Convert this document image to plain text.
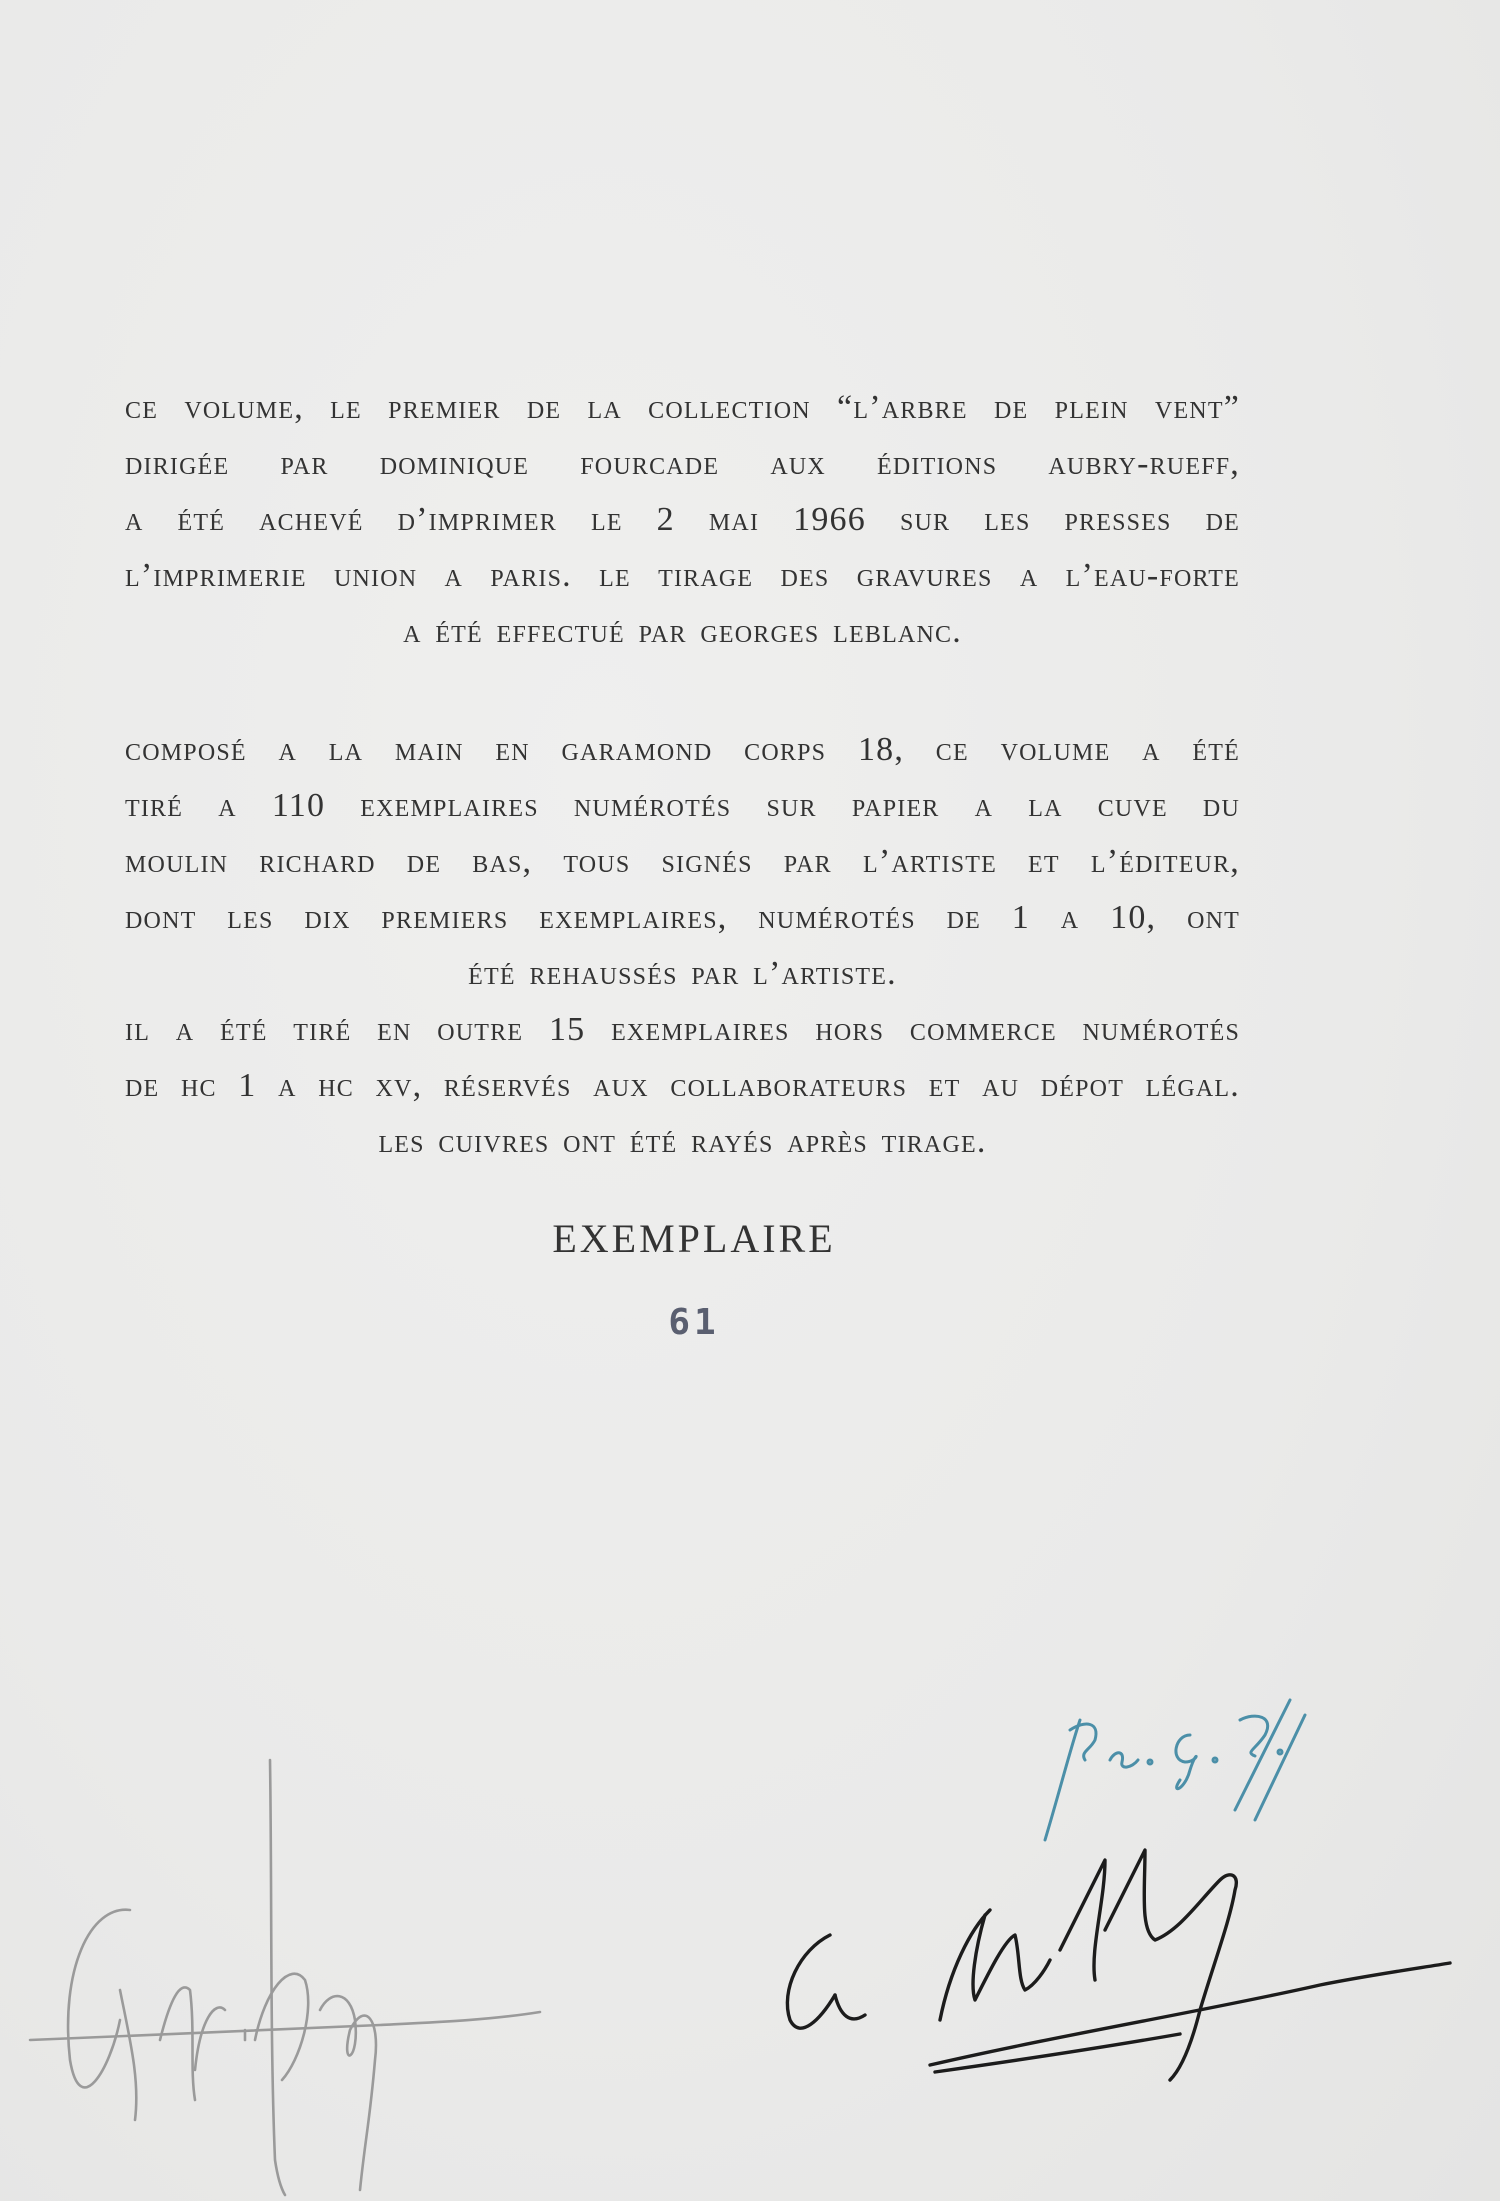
ce volume, le premier de la collection “l’arbre de plein vent”
dirigée par dominique fourcade aux éditions aubry-rueff,
a été achevé d’imprimer le 2 mai 1966 sur les presses de
l’imprimerie union a paris. le tirage des gravures a l’eau-forte
a été effectué par georges leblanc.
composé a la main en garamond corps 18, ce volume a été
tiré a 110 exemplaires numérotés sur papier a la cuve du
moulin richard de bas, tous signés par l’artiste et l’éditeur,
dont les dix premiers exemplaires, numérotés de 1 a 10, ont
été rehaussés par l’artiste.
il a été tiré en outre 15 exemplaires hors commerce numérotés
de hc 1 a hc xv, réservés aux collaborateurs et au dépot légal.
les cuivres ont été rayés après tirage.
EXEMPLAIRE
61
